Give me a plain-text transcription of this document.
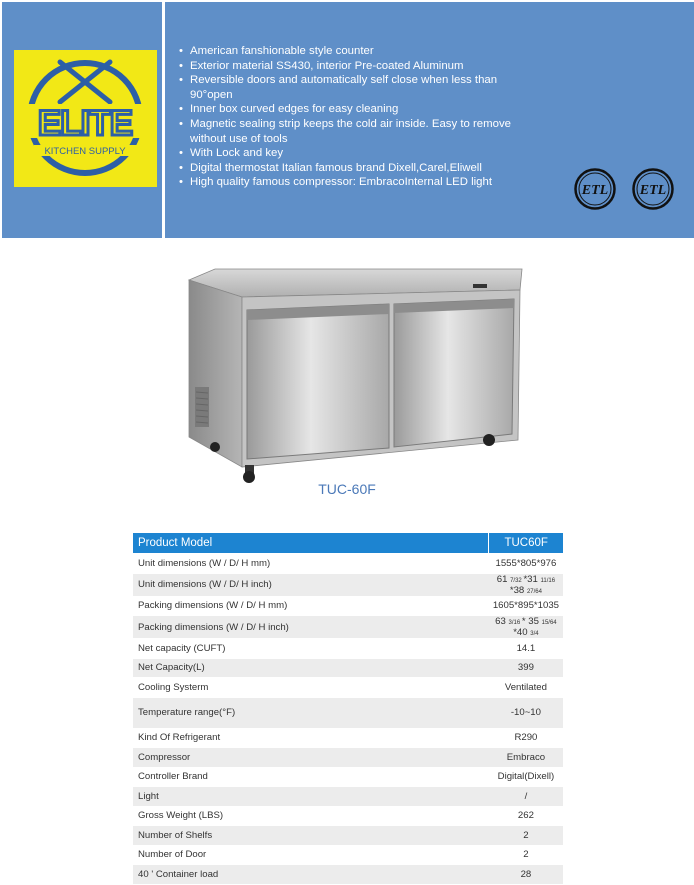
ELITE
KITCHEN SUPPLY
• American fanshionable style counter
• Exterior material SS430, interior Pre-coated Aluminum
• Reversible doors and automatically self close when less than 90°open
• Inner box curved edges for easy cleaning
• Magnetic sealing strip keeps the cold air inside. Easy to remove without use of tools
• With Lock and key
• Digital thermostat Italian famous brand Dixell,Carel,Eliwell
• High quality famous compressor: EmbracoInternal LED light
ETL ETL
TUC-60F
Product Model	TUC60F
Unit dimensions (W / D/ H mm)	1555*805*976
Unit dimensions (W / D/ H inch)	61 7/32 *31 11/16 *38 27/64
Packing dimensions (W / D/ H mm)	1605*895*1035
Packing dimensions (W / D/ H inch)	63 3/16 * 35 15/64 *40 3/4
Net capacity (CUFT)	14.1
Net Capacity(L)	399
Cooling Systerm	Ventilated
Temperature range(°F)	-10~10
Kind Of Refrigerant	R290
Compressor	Embraco
Controller Brand	Digital(Dixell)
Light	/
Gross Weight (LBS)	262
Number of Shelfs	2
Number of Door	2
40 ' Container load	28
